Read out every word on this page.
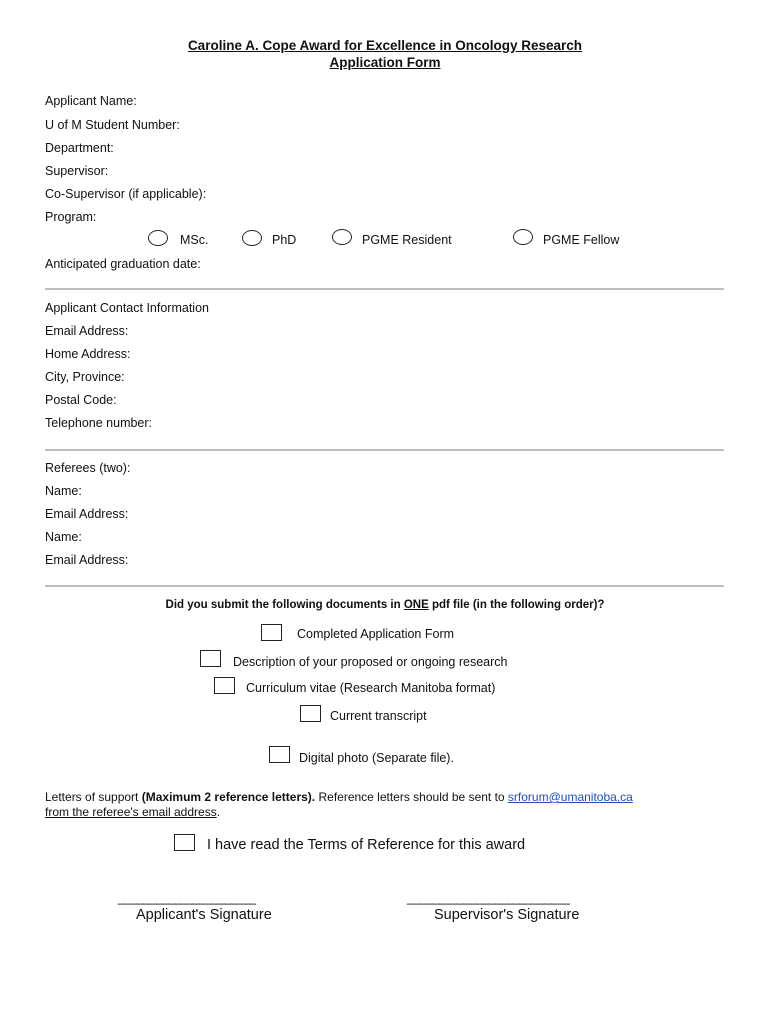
Caroline A. Cope Award for Excellence in Oncology Research
Application Form
Applicant Name:
U of M Student Number:
Department:
Supervisor:
Co-Supervisor (if applicable):
Program:
MSc.	PhD	PGME Resident	PGME Fellow
Anticipated graduation date:
Applicant Contact Information
Email Address:
Home Address:
City, Province:
Postal Code:
Telephone number:
Referees (two):
Name:
Email Address:
Name:
Email Address:
Did you submit the following documents in ONE pdf file (in the following order)?
Completed Application Form
Description of your proposed or ongoing research
Curriculum vitae (Research Manitoba format)
Current transcript
Digital photo (Separate file).
Letters of support (Maximum 2 reference letters). Reference letters should be sent to srforum@umanitoba.ca
from the referee's email address.
I have read the Terms of Reference for this award
______________________
Applicant's Signature
__________________________
Supervisor's Signature
